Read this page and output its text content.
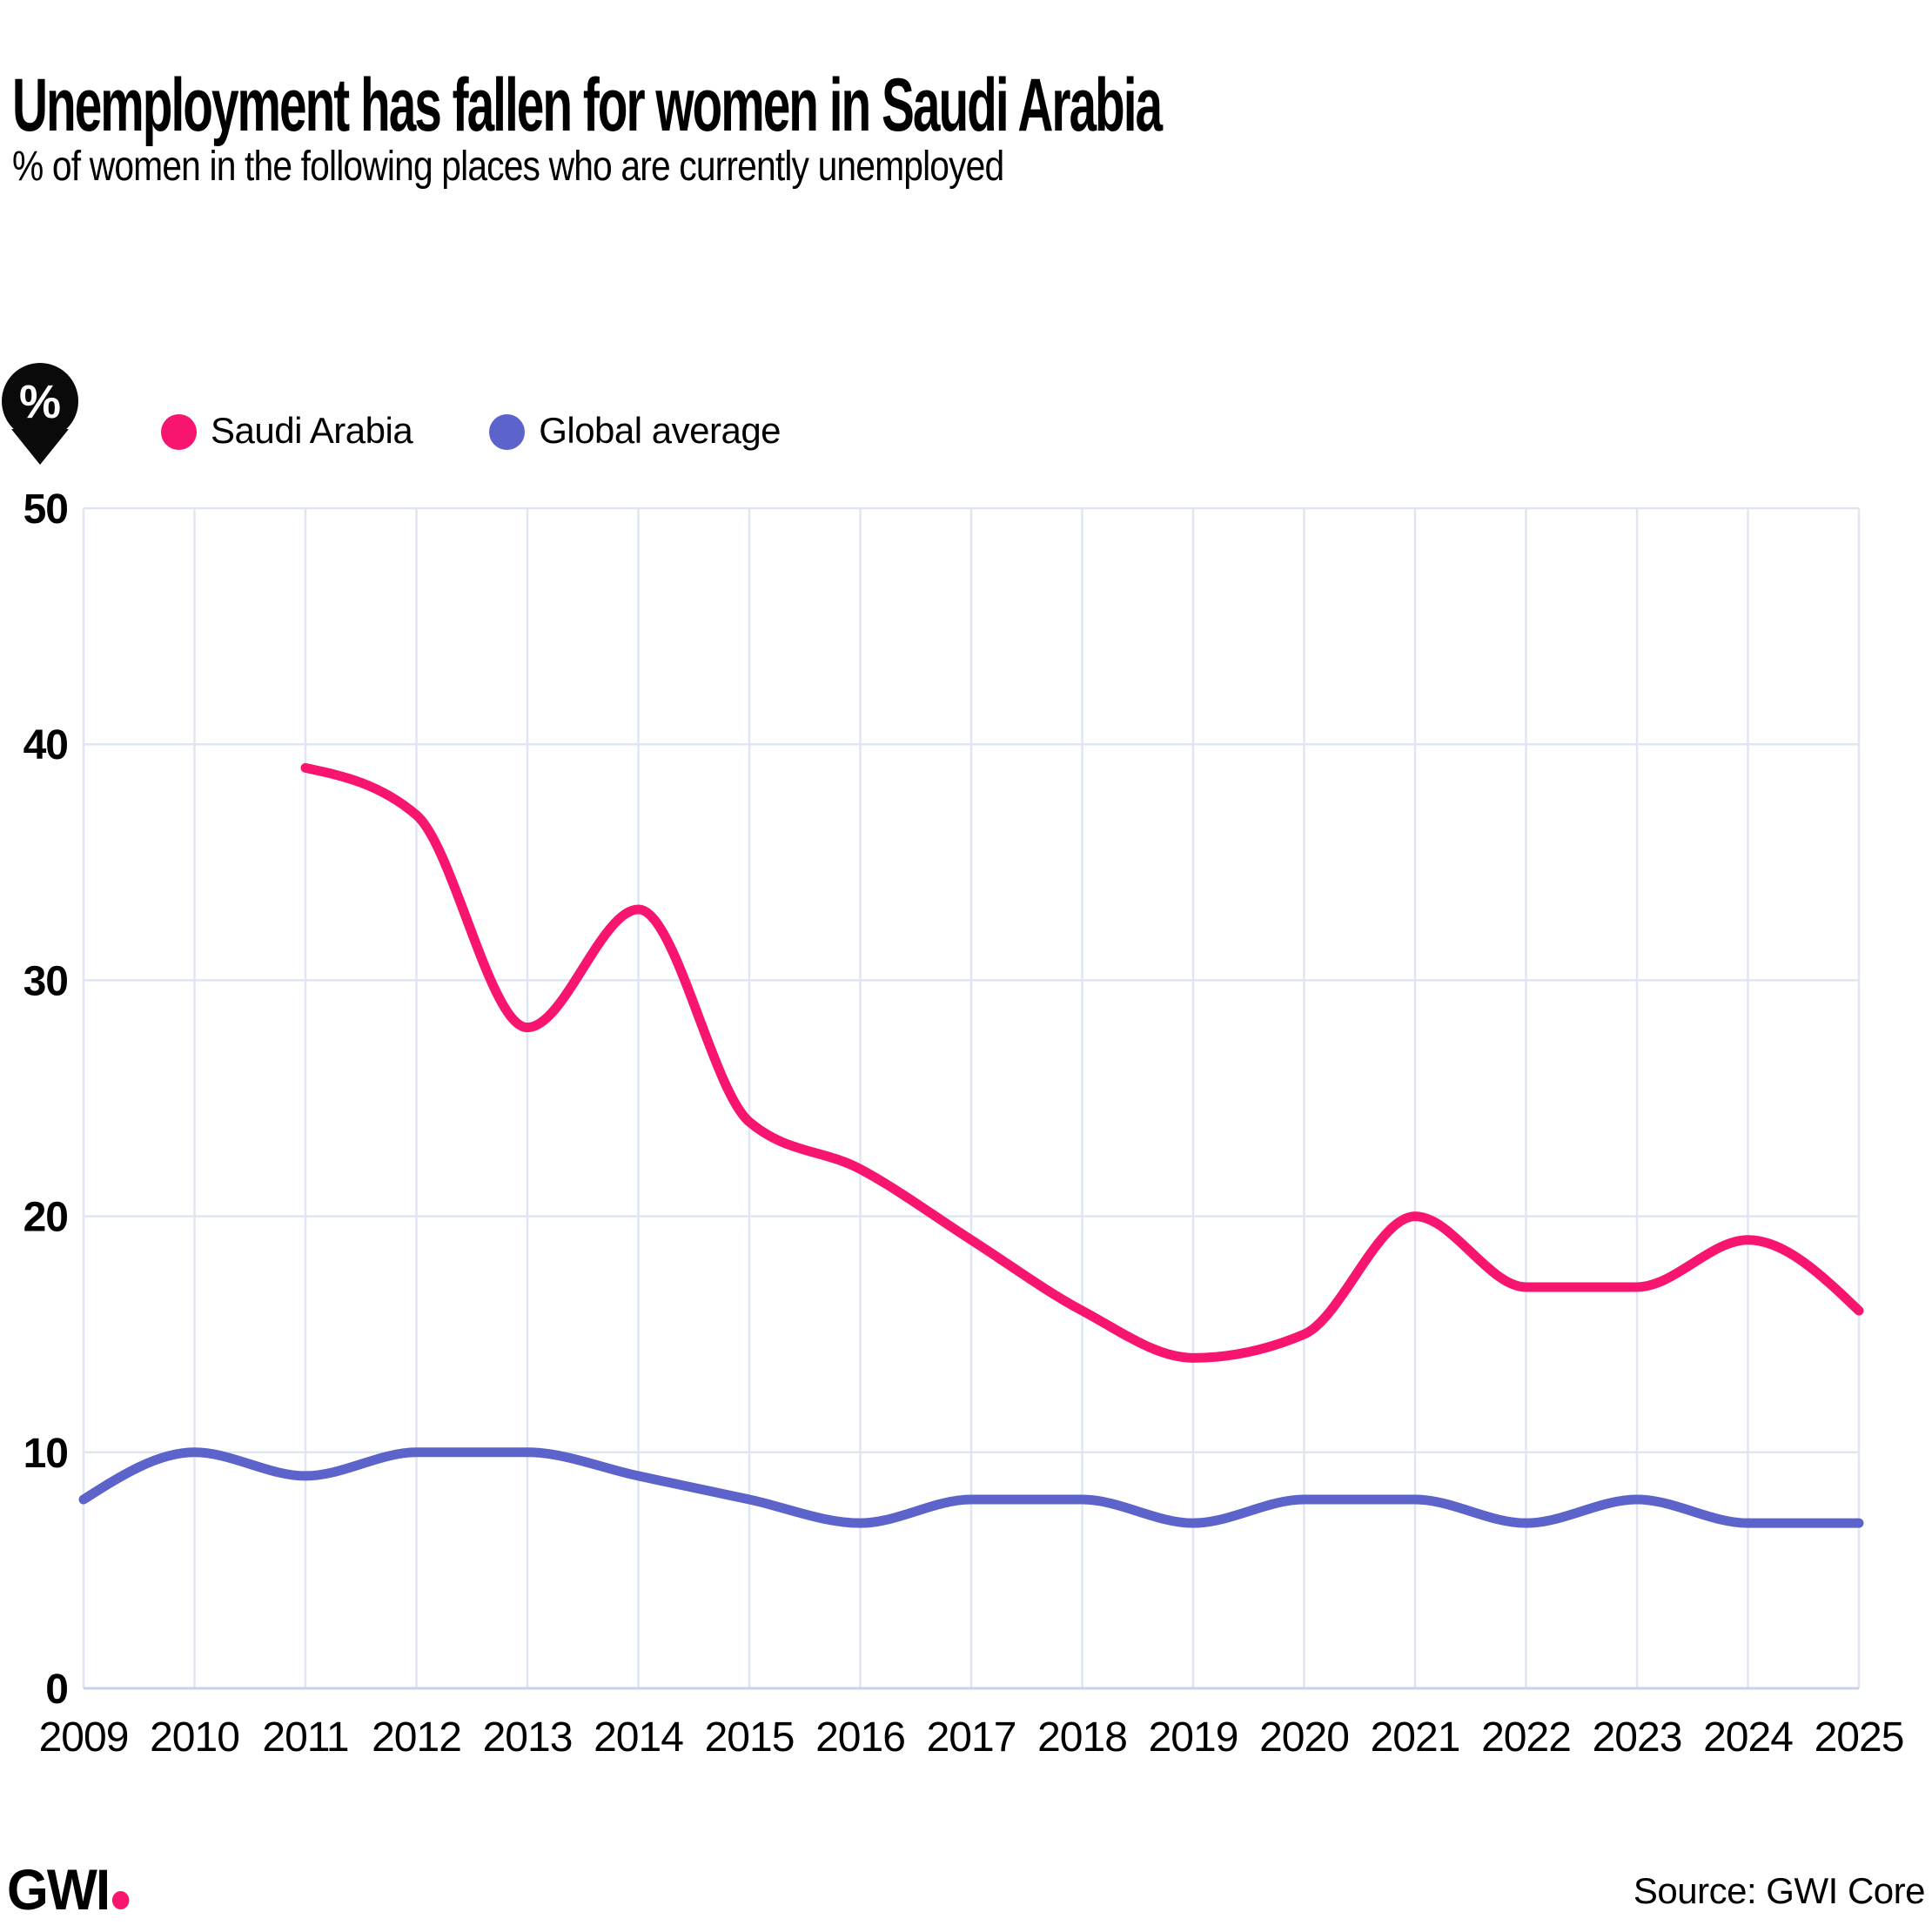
Unemployment has fallen for women in Saudi Arabia

% of women in the following places who are currently unemployed

%
Saudi Arabia	Global average
0
10
20
30
40
50
2009 2010 2011 2012 2013 2014 2015 2016 2017 2018 2019 2020 2021 2022 2023 2024 2025
GWI	Source: GWI Core
